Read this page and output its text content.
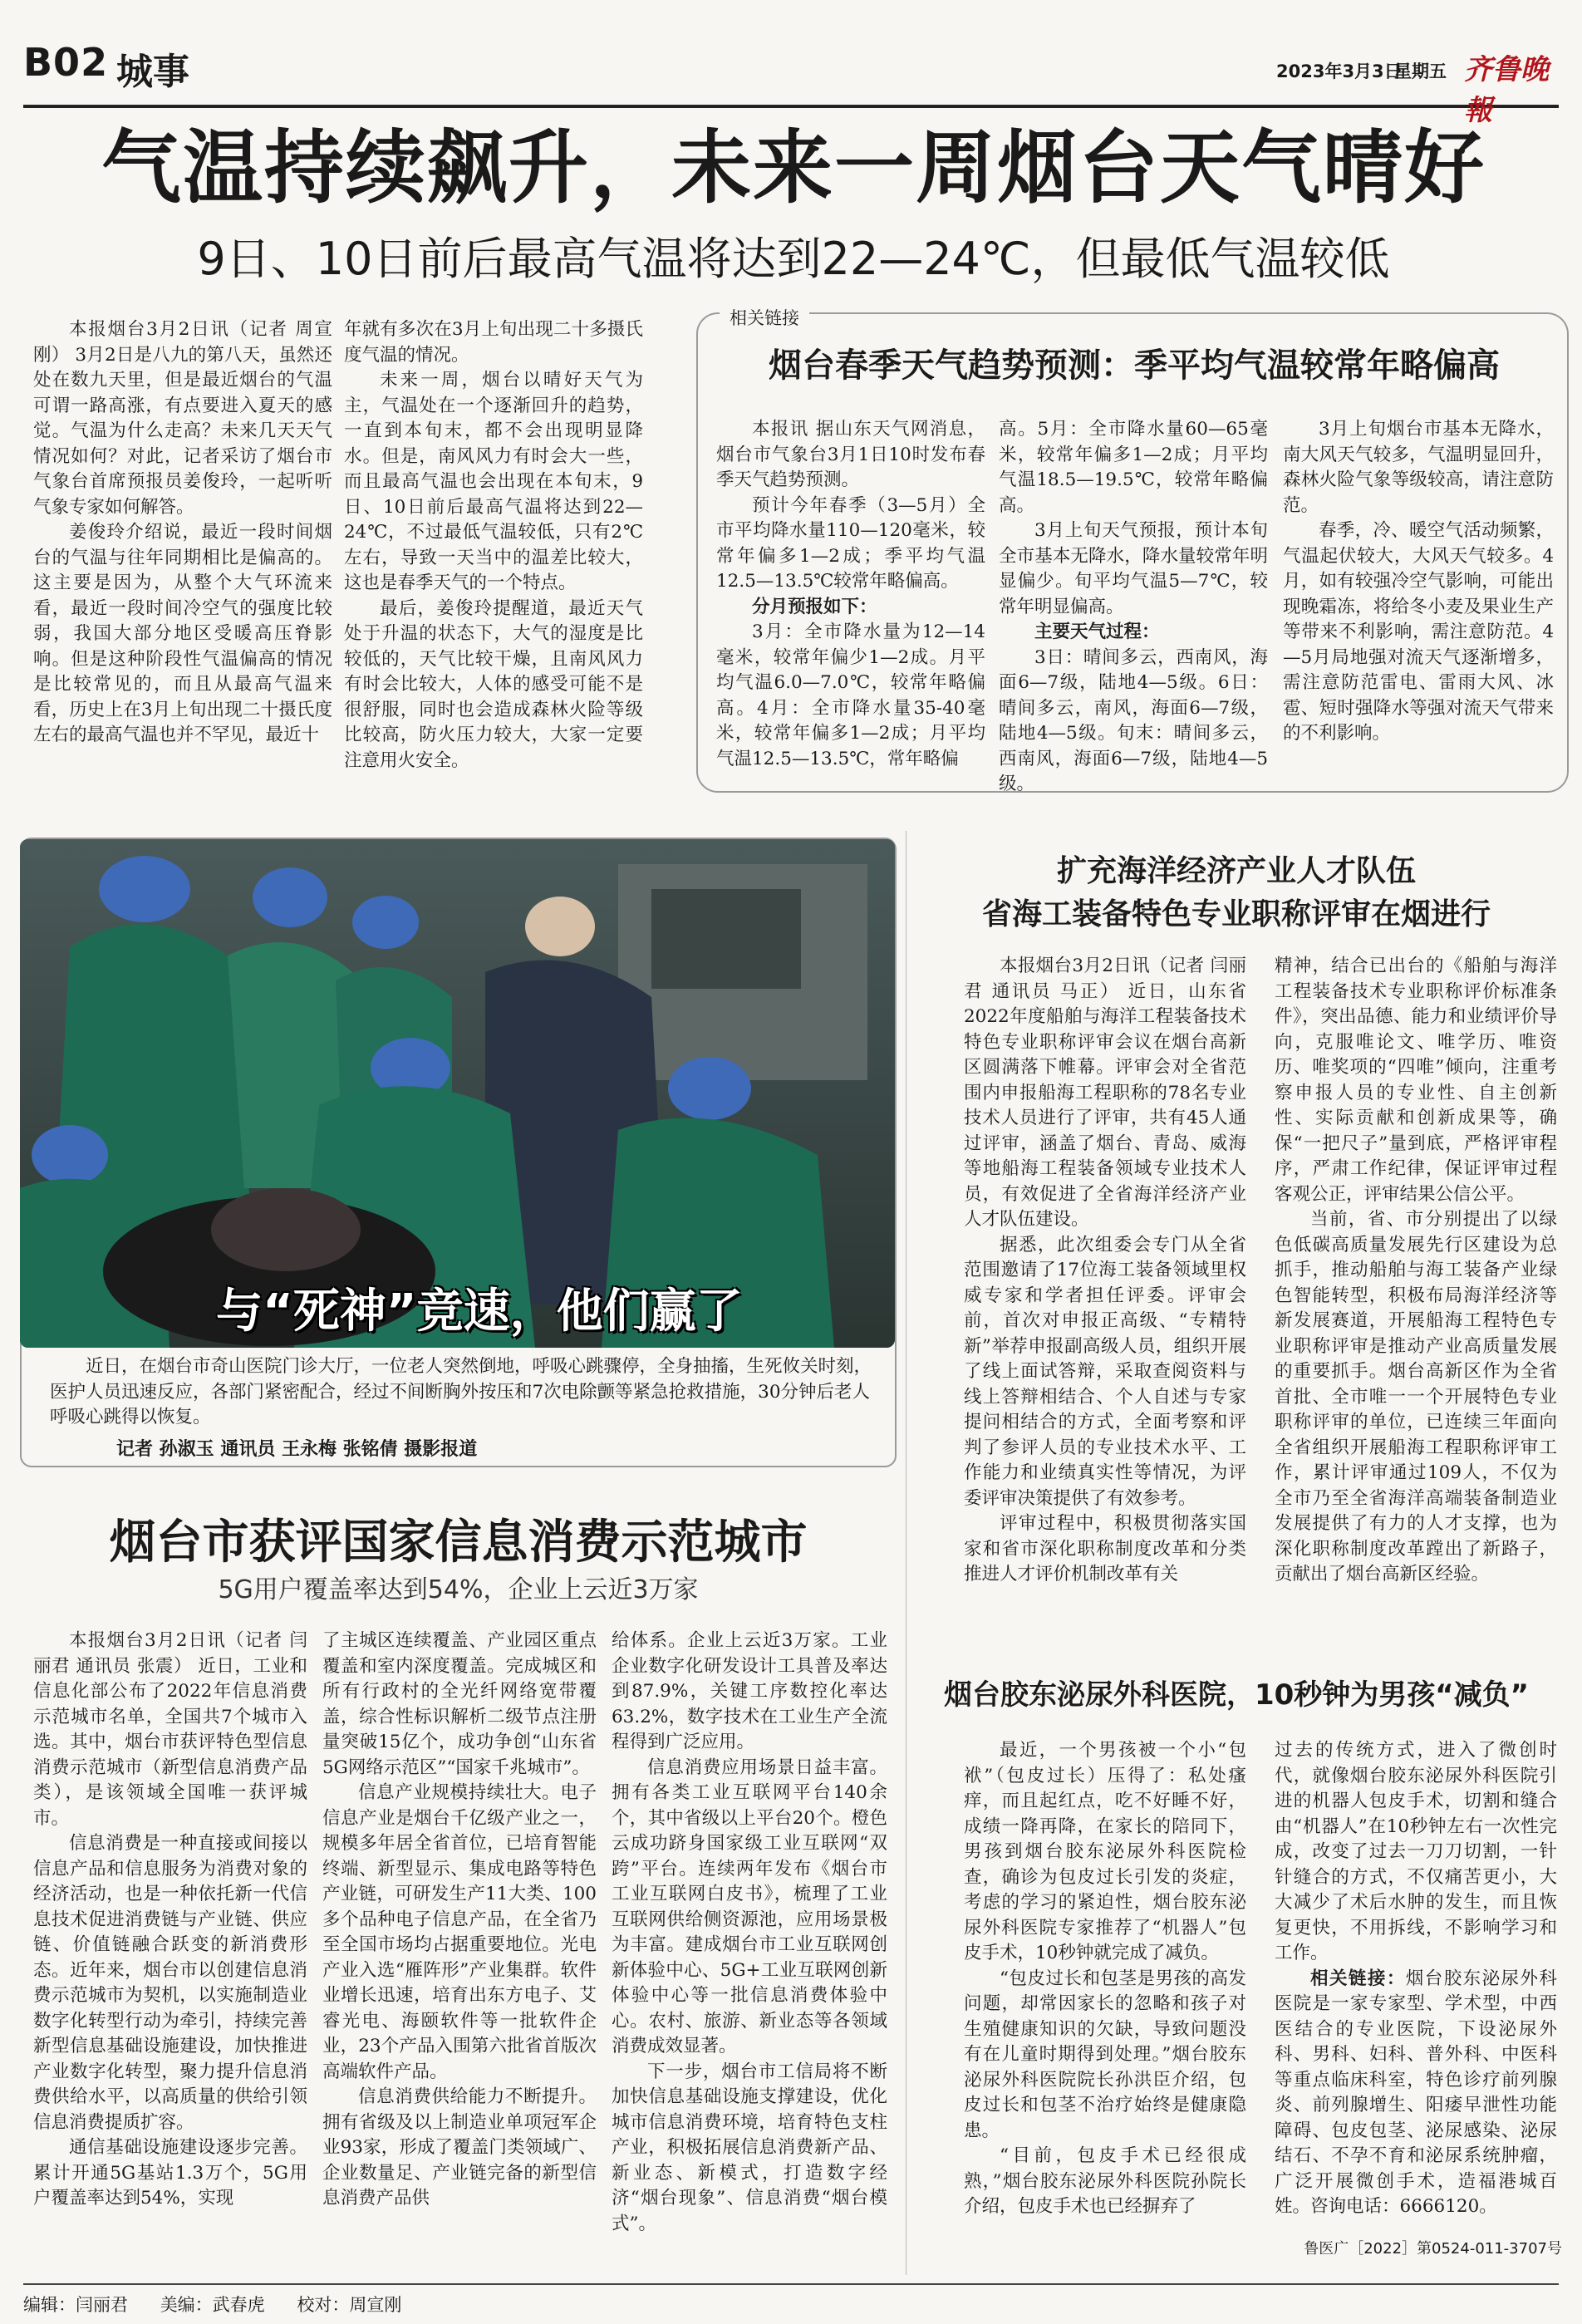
B02 城事	2023年3月3日
星期五 齐鲁晚報
气温持续飙升，未来一周烟台天气晴好
9日、10日前后最高气温将达到22—24℃，但最低气温较低

本报烟台3月2日讯（记者 周宣刚） 3月2日是八九的第八天，虽然还处在数九天里，但是最近烟台的气温可谓一路高涨，有点要进入夏天的感觉。气温为什么走高？未来几天天气情况如何？对此，记者采访了烟台市气象台首席预报员姜俊玲，一起听听气象专家如何解答。

姜俊玲介绍说，最近一段时间烟台的气温与往年同期相比是偏高的。这主要是因为，从整个大气环流来看，最近一段时间冷空气的强度比较弱，我国大部分地区受暖高压脊影响。但是这种阶段性气温偏高的情况是比较常见的，而且从最高气温来看，历史上在3月上旬出现二十摄氏度左右的最高气温也并不罕见，最近十

年就有多次在3月上旬出现二十多摄氏度气温的情况。

未来一周，烟台以晴好天气为主，气温处在一个逐渐回升的趋势，一直到本旬末，都不会出现明显降水。但是，南风风力有时会大一些，而且最高气温也会出现在本旬末，9日、10日前后最高气温将达到22—24℃，不过最低气温较低，只有2℃左右，导致一天当中的温差比较大，这也是春季天气的一个特点。

最后，姜俊玲提醒道，最近天气处于升温的状态下，大气的湿度是比较低的，天气比较干燥，且南风风力有时会比较大，人体的感受可能不是很舒服，同时也会造成森林火险等级比较高，防火压力较大，大家一定要注意用火安全。

相关链接
烟台春季天气趋势预测：季平均气温较常年略偏高

本报讯 据山东天气网消息，烟台市气象台3月1日10时发布春季天气趋势预测。

预计今年春季（3—5月）全市平均降水量110—120毫米，较常年偏多1—2成；季平均气温12.5—13.5℃较常年略偏高。

分月预报如下：

3月：全市降水量为12—14毫米，较常年偏少1—2成。月平均气温6.0—7.0℃，较常年略偏高。4月：全市降水量35-40毫米，较常年偏多1—2成；月平均气温12.5—13.5℃，常年略偏

高。5月：全市降水量60—65毫米，较常年偏多1—2成；月平均气温18.5—19.5℃，较常年略偏高。

3月上旬天气预报，预计本旬全市基本无降水，降水量较常年明显偏少。旬平均气温5—7℃，较常年明显偏高。

主要天气过程：

3日：晴间多云，西南风，海面6—7级，陆地4—5级。6日：晴间多云，南风，海面6—7级，陆地4—5级。旬末：晴间多云，西南风，海面6—7级，陆地4—5级。

3月上旬烟台市基本无降水，南大风天气较多，气温明显回升，森林火险气象等级较高，请注意防范。

春季，冷、暖空气活动频繁，气温起伏较大，大风天气较多。4月，如有较强冷空气影响，可能出现晚霜冻，将给冬小麦及果业生产等带来不利影响，需注意防范。4—5月局地强对流天气逐渐增多，需注意防范雷电、雷雨大风、冰雹、短时强降水等强对流天气带来的不利影响。

与“死神”竞速，他们赢了
近日，在烟台市奇山医院门诊大厅，一位老人突然倒地，呼吸心跳骤停，全身抽搐，生死攸关时刻，医护人员迅速反应，各部门紧密配合，经过不间断胸外按压和7次电除颤等紧急抢救措施，30分钟后老人呼吸心跳得以恢复。
记者 孙淑玉 通讯员 王永梅 张铭倩 摄影报道
烟台市获评国家信息消费示范城市
5G用户覆盖率达到54%，企业上云近3万家

本报烟台3月2日讯（记者 闫丽君 通讯员 张震） 近日，工业和信息化部公布了2022年信息消费示范城市名单，全国共7个城市入选。其中，烟台市获评特色型信息消费示范城市（新型信息消费产品类），是该领域全国唯一获评城市。

信息消费是一种直接或间接以信息产品和信息服务为消费对象的经济活动，也是一种依托新一代信息技术促进消费链与产业链、供应链、价值链融合跃变的新消费形态。近年来，烟台市以创建信息消费示范城市为契机，以实施制造业数字化转型行动为牵引，持续完善新型信息基础设施建设，加快推进产业数字化转型，聚力提升信息消费供给水平，以高质量的供给引领信息消费提质扩容。

通信基础设施建设逐步完善。累计开通5G基站1.3万个，5G用户覆盖率达到54%，实现

了主城区连续覆盖、产业园区重点覆盖和室内深度覆盖。完成城区和所有行政村的全光纤网络宽带覆盖，综合性标识解析二级节点注册量突破15亿个，成功争创“山东省5G网络示范区”“国家千兆城市”。

信息产业规模持续壮大。电子信息产业是烟台千亿级产业之一，规模多年居全省首位，已培育智能终端、新型显示、集成电路等特色产业链，可研发生产11大类、100多个品种电子信息产品，在全省乃至全国市场均占据重要地位。光电产业入选“雁阵形”产业集群。软件业增长迅速，培育出东方电子、艾睿光电、海颐软件等一批软件企业，23个产品入围第六批省首版次高端软件产品。

信息消费供给能力不断提升。拥有省级及以上制造业单项冠军企业93家，形成了覆盖门类领域广、企业数量足、产业链完备的新型信息消费产品供

给体系。企业上云近3万家。工业企业数字化研发设计工具普及率达到87.9%，关键工序数控化率达63.2%，数字技术在工业生产全流程得到广泛应用。

信息消费应用场景日益丰富。拥有各类工业互联网平台140余个，其中省级以上平台20个。橙色云成功跻身国家级工业互联网“双跨”平台。连续两年发布《烟台市工业互联网白皮书》，梳理了工业互联网供给侧资源池，应用场景极为丰富。建成烟台市工业互联网创新体验中心、5G+工业互联网创新体验中心等一批信息消费体验中心。农村、旅游、新业态等各领域消费成效显著。

下一步，烟台市工信局将不断加快信息基础设施支撑建设，优化城市信息消费环境，培育特色支柱产业，积极拓展信息消费新产品、新业态、新模式，打造数字经济“烟台现象”、信息消费“烟台模式”。

扩充海洋经济产业人才队伍
省海工装备特色专业职称评审在烟进行

本报烟台3月2日讯（记者 闫丽君 通讯员 马正） 近日，山东省2022年度船舶与海洋工程装备技术特色专业职称评审会议在烟台高新区圆满落下帷幕。评审会对全省范围内申报船海工程职称的78名专业技术人员进行了评审，共有45人通过评审，涵盖了烟台、青岛、威海等地船海工程装备领域专业技术人员，有效促进了全省海洋经济产业人才队伍建设。

据悉，此次组委会专门从全省范围邀请了17位海工装备领域里权威专家和学者担任评委。评审会前，首次对申报正高级、“专精特新”举荐申报副高级人员，组织开展了线上面试答辩，采取查阅资料与线上答辩相结合、个人自述与专家提问相结合的方式，全面考察和评判了参评人员的专业技术水平、工作能力和业绩真实性等情况，为评委评审决策提供了有效参考。

评审过程中，积极贯彻落实国家和省市深化职称制度改革和分类推进人才评价机制改革有关

精神，结合已出台的《船舶与海洋工程装备技术专业职称评价标准条件》，突出品德、能力和业绩评价导向，克服唯论文、唯学历、唯资历、唯奖项的“四唯”倾向，注重考察申报人员的专业性、自主创新性、实际贡献和创新成果等，确保“一把尺子”量到底，严格评审程序，严肃工作纪律，保证评审过程客观公正，评审结果公信公平。

当前，省、市分别提出了以绿色低碳高质量发展先行区建设为总抓手，推动船舶与海工装备产业绿色智能转型，积极布局海洋经济等新发展赛道，开展船海工程特色专业职称评审是推动产业高质量发展的重要抓手。烟台高新区作为全省首批、全市唯一一个开展特色专业职称评审的单位，已连续三年面向全省组织开展船海工程职称评审工作，累计评审通过109人，不仅为全市乃至全省海洋高端装备制造业发展提供了有力的人才支撑，也为深化职称制度改革蹚出了新路子，贡献出了烟台高新区经验。

烟台胶东泌尿外科医院，10秒钟为男孩“减负”

最近，一个男孩被一个小“包袱”（包皮过长）压得了：私处瘙痒，而且起红点，吃不好睡不好，成绩一降再降，在家长的陪同下，男孩到烟台胶东泌尿外科医院检查，确诊为包皮过长引发的炎症，考虑的学习的紧迫性，烟台胶东泌尿外科医院专家推荐了“机器人”包皮手术，10秒钟就完成了减负。

“包皮过长和包茎是男孩的高发问题，却常因家长的忽略和孩子对生殖健康知识的欠缺，导致问题没有在儿童时期得到处理。”烟台胶东泌尿外科医院院长孙洪臣介绍，包皮过长和包茎不治疗始终是健康隐患。

“目前，包皮手术已经很成熟，”烟台胶东泌尿外科医院孙院长介绍，包皮手术也已经摒弃了

过去的传统方式，进入了微创时代，就像烟台胶东泌尿外科医院引进的机器人包皮手术，切割和缝合由“机器人”在10秒钟左右一次性完成，改变了过去一刀刀切割，一针针缝合的方式，不仅痛苦更小，大大减少了术后水肿的发生，而且恢复更快，不用拆线，不影响学习和工作。

相关链接：烟台胶东泌尿外科医院是一家专家型、学术型，中西医结合的专业医院，下设泌尿外科、男科、妇科、普外科、中医科等重点临床科室，特色诊疗前列腺炎、前列腺增生、阳痿早泄性功能障碍、包皮包茎、泌尿感染、泌尿结石、不孕不育和泌尿系统肿瘤，广泛开展微创手术，造福港城百姓。咨询电话：6666120。

鲁医广［2022］第0524-011-3707号
编辑：闫丽君 美编：武春虎 校对：周宣刚
